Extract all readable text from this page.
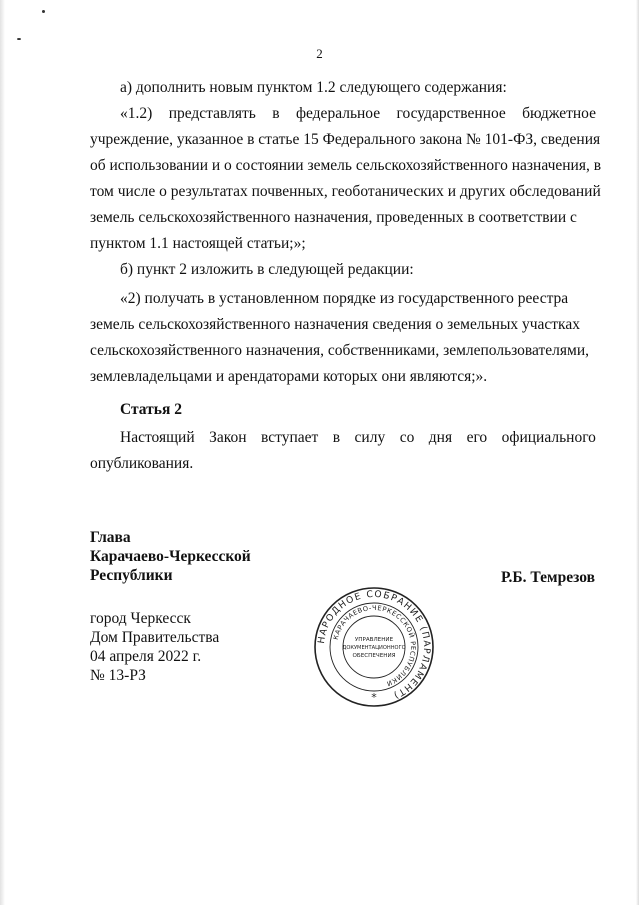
2
а) дополнить новым пунктом 1.2 следующего содержания:
«1.2) представлять в федеральное государственное бюджетное
учреждение, указанное в статье 15 Федерального закона № 101-ФЗ, сведения
об использовании и о состоянии земель сельскохозяйственного назначения, в
том числе о результатах почвенных, геоботанических и других обследований
земель сельскохозяйственного назначения, проведенных в соответствии с
пунктом 1.1 настоящей статьи;»;
б) пункт 2 изложить в следующей редакции:
«2) получать в установленном порядке из государственного реестра
земель сельскохозяйственного назначения сведения о земельных участках
сельскохозяйственного назначения, собственниками, землепользователями,
землевладельцами и арендаторами которых они являются;».
Статья 2
Настоящий Закон вступает в силу со дня его официального
опубликования.
Глава
Карачаево-Черкесской
Республики	Р.Б. Темрезов
город Черкесск
Дом Правительства
04 апреля 2022 г.
№ 13-РЗ
НАРОДНОЕ СОБРАНИЕ (ПАРЛАМЕНТ)
КАРАЧАЕВО-ЧЕРКЕССКОЙ РЕСПУБЛИКИ
УПРАВЛЕНИЕ
ДОКУМЕНТАЦИОННОГО
ОБЕСПЕЧЕНИЯ
*
